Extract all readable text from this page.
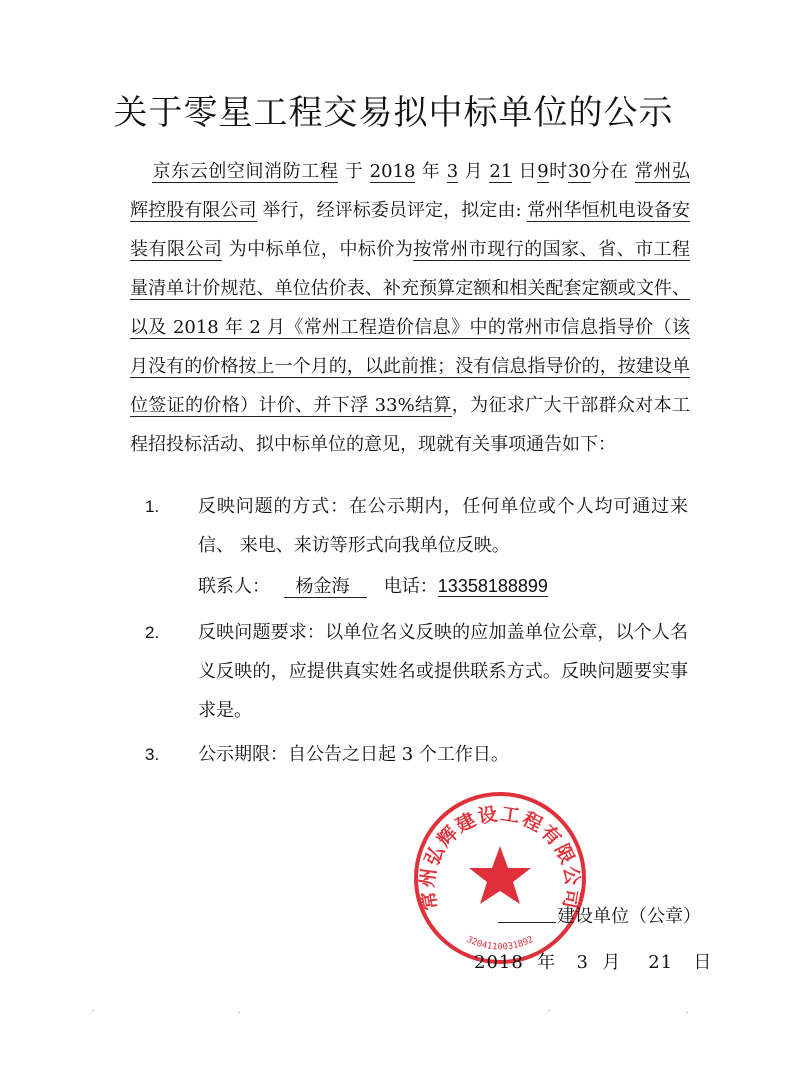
关于零星工程交易拟中标单位的公示
京东云创空间消防工程 于 2018 年 3 月 21 日9时30分在 常州弘辉控股有限公司 举行，经评标委员评定，拟定由: 常州华恒机电设备安装有限公司 为中标单位，中标价为按常州市现行的国家、省、市工程量清单计价规范、单位估价表、补充预算定额和相关配套定额或文件、以及 2018 年 2 月《常州工程造价信息》中的常州市信息指导价（该月没有的价格按上一个月的，以此前推；没有信息指导价的，按建设单位签证的价格）计价、并下浮 33%结算，为征求广大干部群众对本工程招投标活动、拟中标单位的意见，现就有关事项通告如下：
1. 反映问题的方式：在公示期内，任何单位或个人均可通过来信、 来电、来访等形式向我单位反映。
联系人： 杨金海 电话：13358188899
2. 反映问题要求：以单位名义反映的应加盖单位公章，以个人名义反映的，应提供真实姓名或提供联系方式。反映问题要实事求是。
3. 公示期限：自公告之日起 3 个工作日。
常州弘辉建设工程有限公司
3204110031892
建设单位（公章）
2018 年 3 月 21 日
